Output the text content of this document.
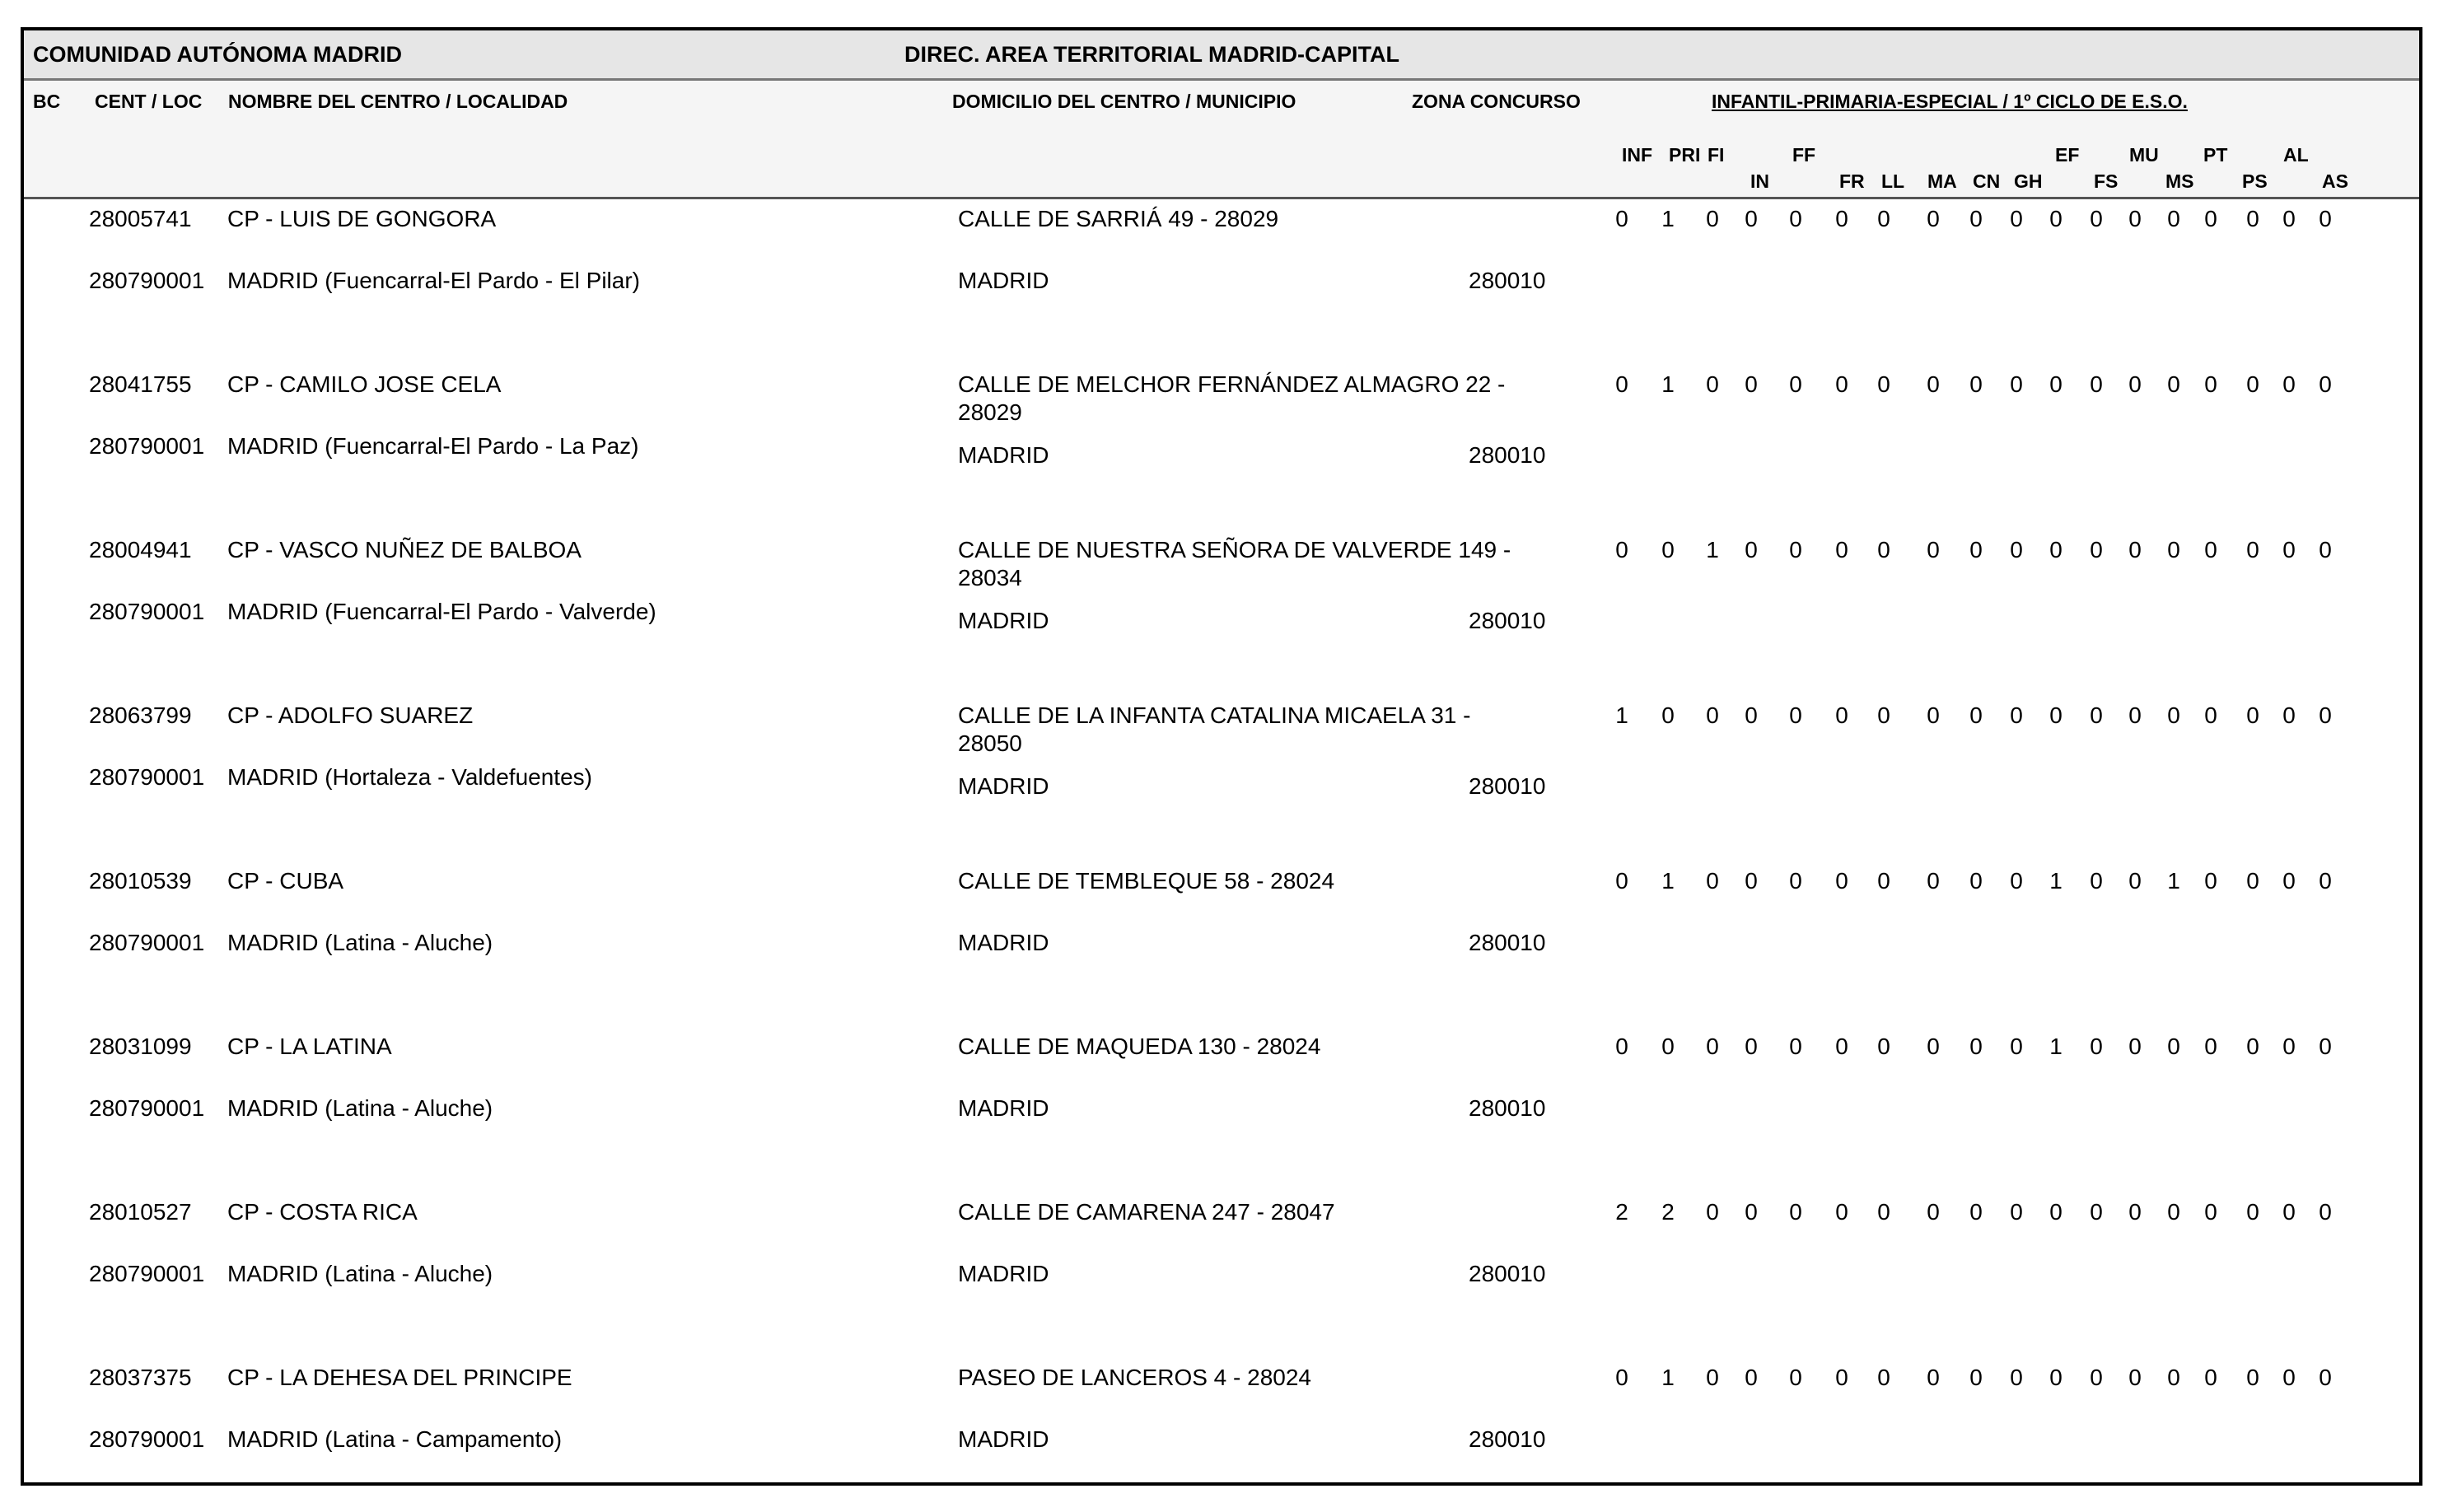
COMUNIDAD AUTÓNOMA MADRID	DIREC. AREA TERRITORIAL MADRID-CAPITAL
BC CENT / LOC NOMBRE DEL CENTRO / LOCALIDAD	DOMICILIO DEL CENTRO / MUNICIPIO	ZONA CONCURSO	INFANTIL-PRIMARIA-ESPECIAL / 1º CICLO DE E.S.O.
INF PRI FI
IN
FF
FR LL MA CN GH
EF
FS
MU
MS
PT
PS
AL
AS
28005741 CP - LUIS DE GONGORA	CALLE DE SARRIÁ 49 - 28029
280790001 MADRID (Fuencarral-El Pardo - El Pilar)	MADRID	280010
0	1	0	0	0	0	0	0	0	0	0	0	0	0	0	0	0	0
28041755 CP - CAMILO JOSE CELA	CALLE DE MELCHOR FERNÁNDEZ ALMAGRO 22 -
28029
280790001 MADRID (Fuencarral-El Pardo - La Paz)	MADRID	280010
0	1	0	0	0	0	0	0	0	0	0	0	0	0	0	0	0	0
28004941 CP - VASCO NUÑEZ DE BALBOA	CALLE DE NUESTRA SEÑORA DE VALVERDE 149 -
28034
280790001 MADRID (Fuencarral-El Pardo - Valverde)	MADRID	280010
0	0	1	0	0	0	0	0	0	0	0	0	0	0	0	0	0	0
28063799 CP - ADOLFO SUAREZ	CALLE DE LA INFANTA CATALINA MICAELA 31 -
28050
280790001 MADRID (Hortaleza - Valdefuentes)	MADRID	280010
1	0	0	0	0	0	0	0	0	0	0	0	0	0	0	0	0	0
28010539 CP - CUBA	CALLE DE TEMBLEQUE 58 - 28024
280790001 MADRID (Latina - Aluche)	MADRID	280010
0	1	0	0	0	0	0	0	0	0	1	0	0	1	0	0	0	0
28031099 CP - LA LATINA	CALLE DE MAQUEDA 130 - 28024
280790001 MADRID (Latina - Aluche)	MADRID	280010
0	0	0	0	0	0	0	0	0	0	1	0	0	0	0	0	0	0
28010527 CP - COSTA RICA	CALLE DE CAMARENA 247 - 28047
280790001 MADRID (Latina - Aluche)	MADRID	280010
2	2	0	0	0	0	0	0	0	0	0	0	0	0	0	0	0	0
28037375 CP - LA DEHESA DEL PRINCIPE	PASEO DE LANCEROS 4 - 28024
280790001 MADRID (Latina - Campamento)	MADRID	280010
0	1	0	0	0	0	0	0	0	0	0	0	0	0	0	0	0	0
